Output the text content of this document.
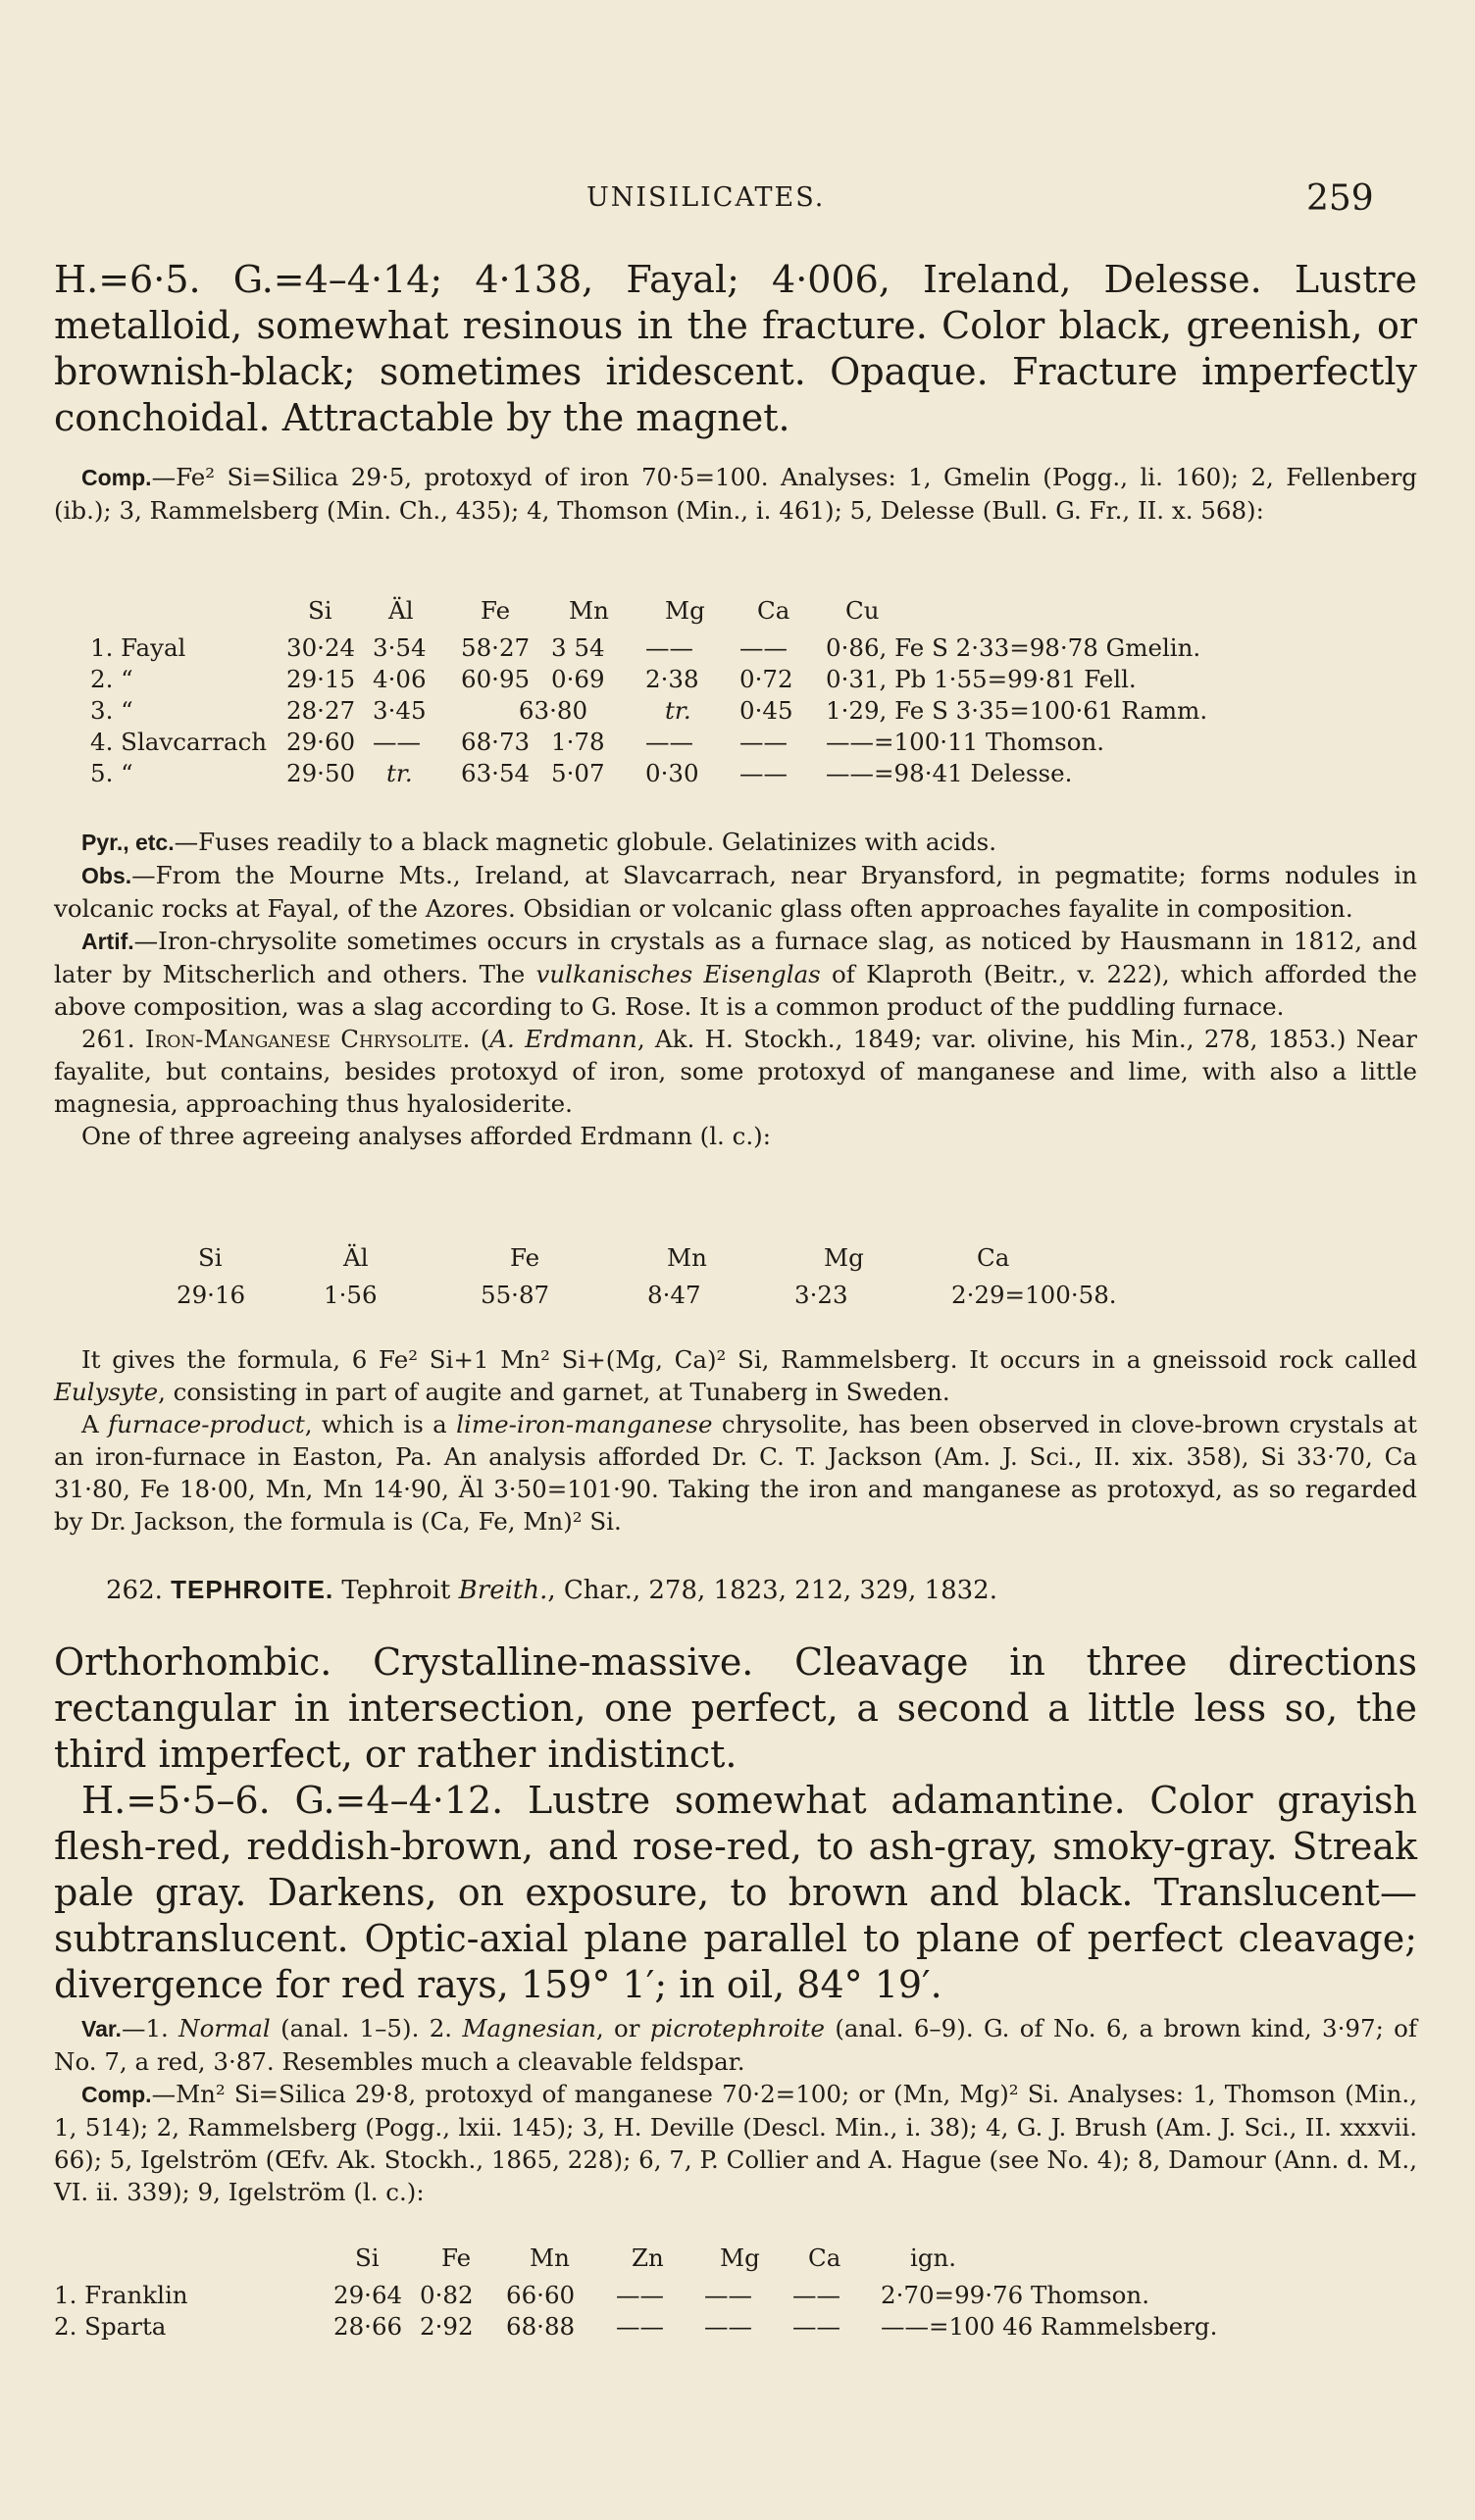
UNISILICATES.	259

H.=6·5. G.=4–4·14; 4·138, Fayal; 4·006, Ireland, Delesse. Lustre metalloid, somewhat resinous in the fracture. Color black, greenish, or brownish-black; sometimes iridescent. Opaque. Fracture imperfectly conchoidal. Attractable by the magnet.

Comp.—Fe² Si=Silica 29·5, protoxyd of iron 70·5=100. Analyses: 1, Gmelin (Pogg., li. 160); 2, Fellenberg (ib.); 3, Rammelsberg (Min. Ch., 435); 4, Thomson (Min., i. 461); 5, Delesse (Bull. G. Fr., II. x. 568):

	Si	Äl	Fe	Mn	Mg	Ca	Cu
1. Fayal	30·24	3·54	58·27	3 54	——	——	0·86, Fe S 2·33=98·78 Gmelin.
2. “	29·15	4·06	60·95	0·69	2·38	0·72	0·31, Pb 1·55=99·81 Fell.
3. “	28·27	3·45	63·80		tr.	0·45	1·29, Fe S 3·35=100·61 Ramm.
4. Slavcarrach	29·60	——	68·73	1·78	——	——	——=100·11 Thomson.
5. “	29·50	tr.	63·54	5·07	0·30	——	——=98·41 Delesse.

Pyr., etc.—Fuses readily to a black magnetic globule. Gelatinizes with acids.

Obs.—From the Mourne Mts., Ireland, at Slavcarrach, near Bryansford, in pegmatite; forms nodules in volcanic rocks at Fayal, of the Azores. Obsidian or volcanic glass often approaches fayalite in composition.

Artif.—Iron-chrysolite sometimes occurs in crystals as a furnace slag, as noticed by Hausmann in 1812, and later by Mitscherlich and others. The vulkanisches Eisenglas of Klaproth (Beitr., v. 222), which afforded the above composition, was a slag according to G. Rose. It is a common product of the puddling furnace.

261. Iron-Manganese Chrysolite. (A. Erdmann, Ak. H. Stockh., 1849; var. olivine, his Min., 278, 1853.) Near fayalite, but contains, besides protoxyd of iron, some protoxyd of manganese and lime, with also a little magnesia, approaching thus hyalosiderite.

One of three agreeing analyses afforded Erdmann (l. c.):

Si	Äl	Fe	Mn	Mg	Ca
29·16	1·56	55·87	8·47	3·23	2·29=100·58.

It gives the formula, 6 Fe² Si+1 Mn² Si+(Mg, Ca)² Si, Rammelsberg. It occurs in a gneissoid rock called Eulysyte, consisting in part of augite and garnet, at Tunaberg in Sweden.

A furnace-product, which is a lime-iron-manganese chrysolite, has been observed in clove-brown crystals at an iron-furnace in Easton, Pa. An analysis afforded Dr. C. T. Jackson (Am. J. Sci., II. xix. 358), Si 33·70, Ca 31·80, Fe 18·00, Mn, Mn 14·90, Äl 3·50=101·90. Taking the iron and manganese as protoxyd, as so regarded by Dr. Jackson, the formula is (Ca, Fe, Mn)² Si.

262. TEPHROITE. Tephroit Breith., Char., 278, 1823, 212, 329, 1832.

Orthorhombic. Crystalline-massive. Cleavage in three directions rectangular in intersection, one perfect, a second a little less so, the third imperfect, or rather indistinct.

H.=5·5–6. G.=4–4·12. Lustre somewhat adamantine. Color grayish flesh-red, reddish-brown, and rose-red, to ash-gray, smoky-gray. Streak pale gray. Darkens, on exposure, to brown and black. Translucent—subtranslucent. Optic-axial plane parallel to plane of perfect cleavage; divergence for red rays, 159° 1′; in oil, 84° 19′.

Var.—1. Normal (anal. 1–5). 2. Magnesian, or picrotephroite (anal. 6–9). G. of No. 6, a brown kind, 3·97; of No. 7, a red, 3·87. Resembles much a cleavable feldspar.

Comp.—Mn² Si=Silica 29·8, protoxyd of manganese 70·2=100; or (Mn, Mg)² Si. Analyses: 1, Thomson (Min., 1, 514); 2, Rammelsberg (Pogg., lxii. 145); 3, H. Deville (Descl. Min., i. 38); 4, G. J. Brush (Am. J. Sci., II. xxxvii. 66); 5, Igelström (Œfv. Ak. Stockh., 1865, 228); 6, 7, P. Collier and A. Hague (see No. 4); 8, Damour (Ann. d. M., VI. ii. 339); 9, Igelström (l. c.):

	Si	Fe	Mn	Zn	Mg	Ca	ign.
1. Franklin	29·64	0·82	66·60	——	——	——	2·70=99·76 Thomson.
2. Sparta	28·66	2·92	68·88	——	——	——	——=100 46 Rammelsberg.
